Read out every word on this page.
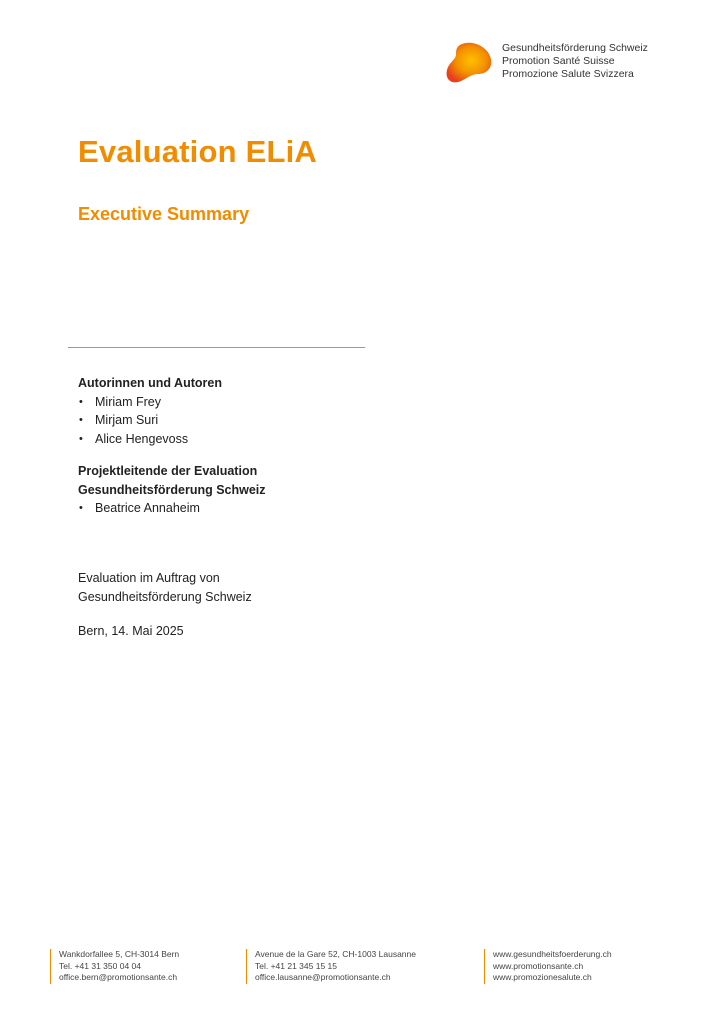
Gesundheitsförderung Schweiz
Promotion Santé Suisse
Promozione Salute Svizzera
Evaluation ELiA
Executive Summary
Autorinnen und Autoren
• Miriam Frey
• Mirjam Suri
• Alice Hengevoss
Projektleitende der Evaluation
Gesundheitsförderung Schweiz
• Beatrice Annaheim
Evaluation im Auftrag von
Gesundheitsförderung Schweiz
Bern, 14. Mai 2025
Wankdorfallee 5, CH-3014 Bern
Tel. +41 31 350 04 04
office.bern@promotionsante.ch
Avenue de la Gare 52, CH-1003 Lausanne
Tel. +41 21 345 15 15
office.lausanne@promotionsante.ch
www.gesundheitsfoerderung.ch
www.promotionsante.ch
www.promozionesalute.ch
